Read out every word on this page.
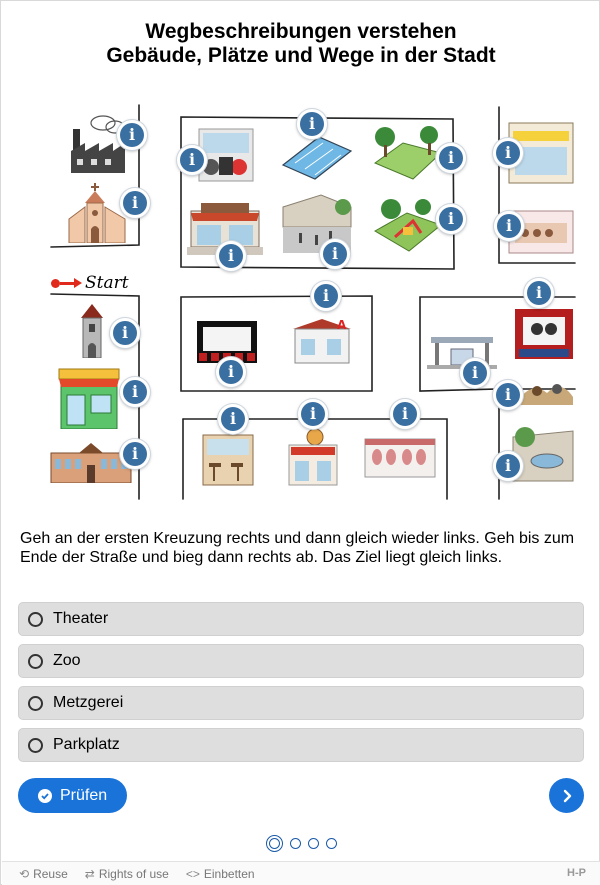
Wegbeschreibungen verstehen
Gebäude, Plätze und Wege in der Stadt
A
Start
i
i
i
i
i
i
i
i	i
i	i
i	i
i	i
i	i
i
i	i	i
i
Geh an der ersten Kreuzung rechts und dann gleich wieder links. Geh bis zum Ende der Straße und bieg dann rechts ab. Das Ziel liegt gleich links.
Theater
Zoo
Metzgerei
Parkplatz
Prüfen
⟲ Reuse ⇄ Rights of use <> Einbetten	H-P
